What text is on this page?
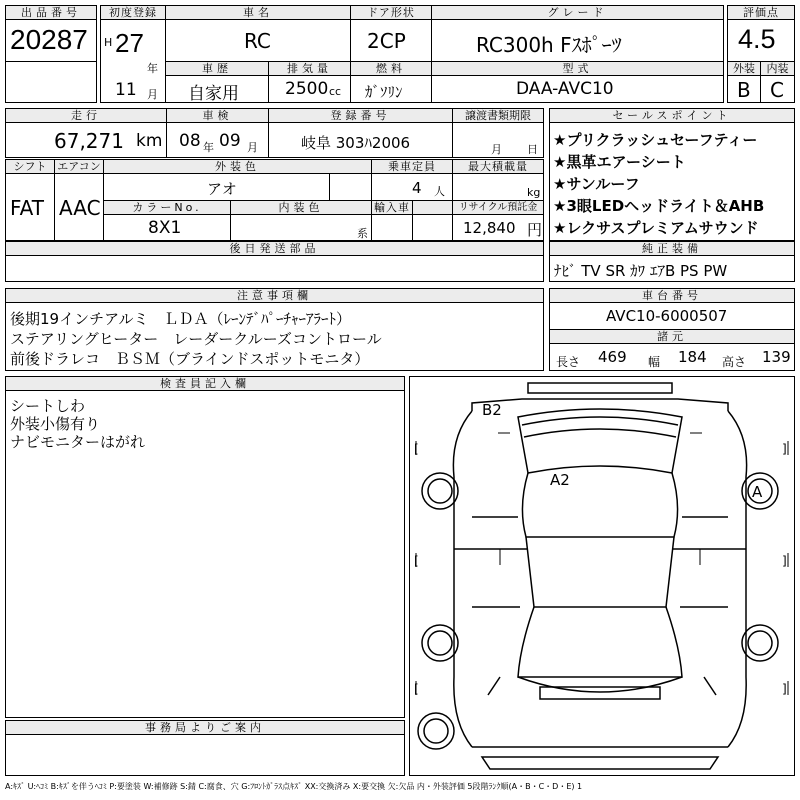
出品番号
20287
初度登録
H 27
年
11 月
車名
RC
ドア形状
2CP
グレード
RC300h Fｽﾎﾟｰﾂ
評価点
4.5
外装	内装
B C
車歴
自家用
排気量
2500 cc
燃料
ｶﾞｿﾘﾝ
型式
DAA-AVC10
走行
67,271 km
車検
08 年 09 月
登録番号
岐阜 303ﾊ2006
譲渡書類期限
月 日
シフト
FAT
エアコン
AAC
外装色
アオ
乗車定員
4 人
最大積載量
kg
カラーNo.
8X1
内装色
系
輸入車	リサイクル預託金
12,840 円
後日発送部品
セールスポイント
★プリクラッシュセーフティー
★黒革エアーシート
★サンルーフ
★3眼LEDヘッドライト＆AHB
★レクサスプレミアムサウンド
純正装備
ﾅﾋﾞ TV SR ｶﾜ ｴｱB PS PW
注意事項欄
後期19インチアルミ　ＬＤＡ（ﾚｰﾝﾃﾞﾊﾟｰﾁｬｰｱﾗｰﾄ）
ステアリングヒーター　レーダークルーズコントロール
前後ドラレコ　ＢＳＭ（ブラインドスポットモニタ）
車台番号
AVC10-6000507
諸元
長さ 469 幅 184 高さ 139
検査員記入欄
シートしわ
外装小傷有り
ナビモニターはがれ
事務局よりご案内
[	]
[	]
[	]
B2
A2
A
A:ｷｽﾞ U:ﾍｺﾐ B:ｷｽﾞを伴うﾍｺﾐ P:要塗装 W:補修跡 S:錆 C:腐食、穴 G:ﾌﾛﾝﾄｶﾞﾗｽ点ｷｽﾞ XX:交換済み X:要交換 欠:欠品 内・外装評価 5段階ﾗﾝｸ順(A・B・C・D・E) 1
